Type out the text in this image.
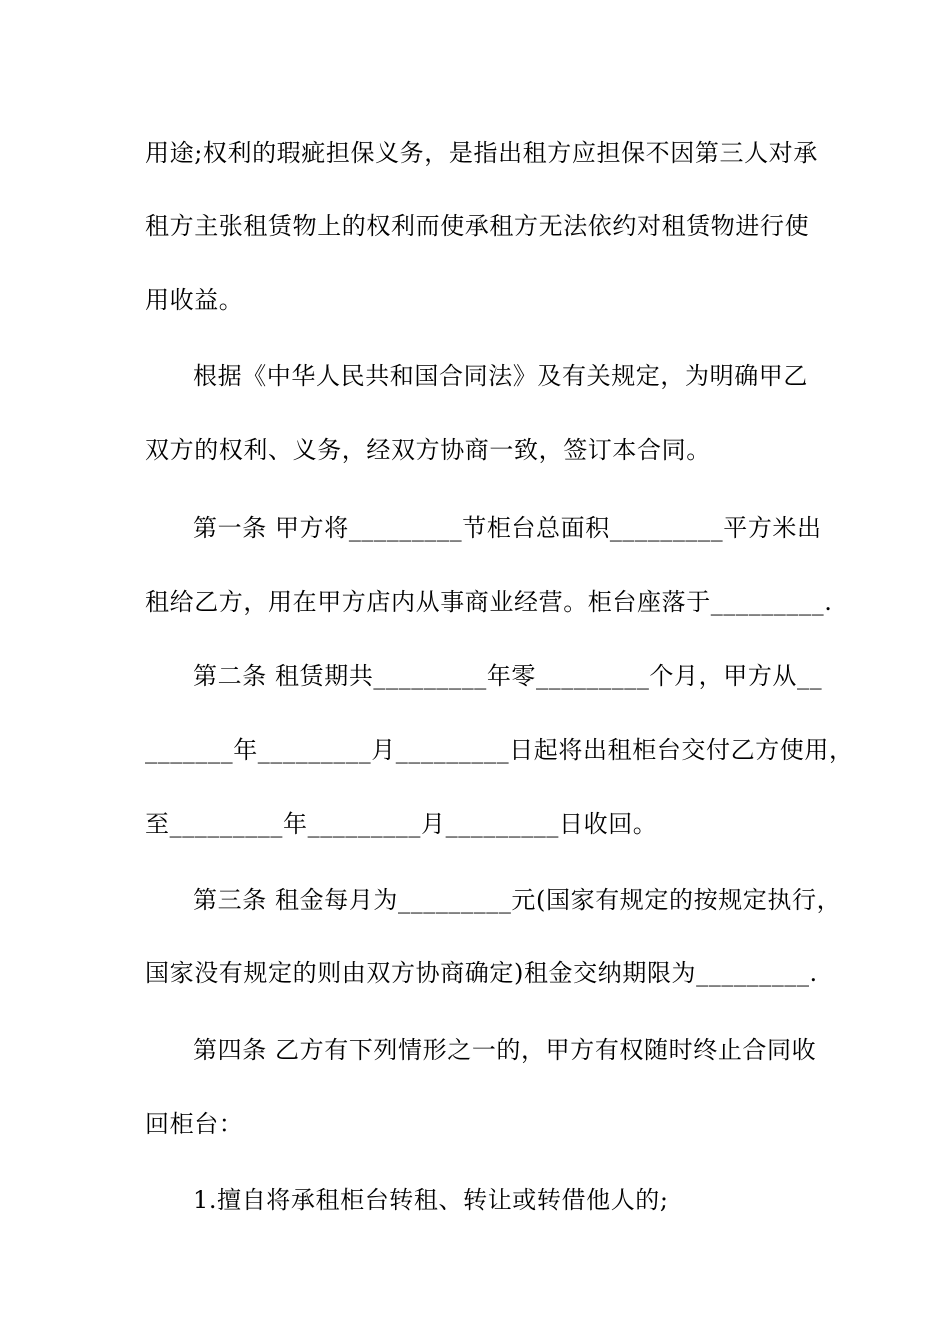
用途;权利的瑕疵担保义务，是指出租方应担保不因第三人对承
租方主张租赁物上的权利而使承租方无法依约对租赁物进行使
用收益。
根据《中华人民共和国合同法》及有关规定，为明确甲乙
双方的权利、义务，经双方协商一致，签订本合同。
第一条 甲方将_________节柜台总面积_________平方米出
租给乙方，用在甲方店内从事商业经营。柜台座落于_________.
第二条 租赁期共_________年零_________个月，甲方从__
_______年_________月_________日起将出租柜台交付乙方使用，
至_________年_________月_________日收回。
第三条 租金每月为_________元(国家有规定的按规定执行，
国家没有规定的则由双方协商确定)租金交纳期限为_________.
第四条 乙方有下列情形之一的，甲方有权随时终止合同收
回柜台：
1.擅自将承租柜台转租、转让或转借他人的;
